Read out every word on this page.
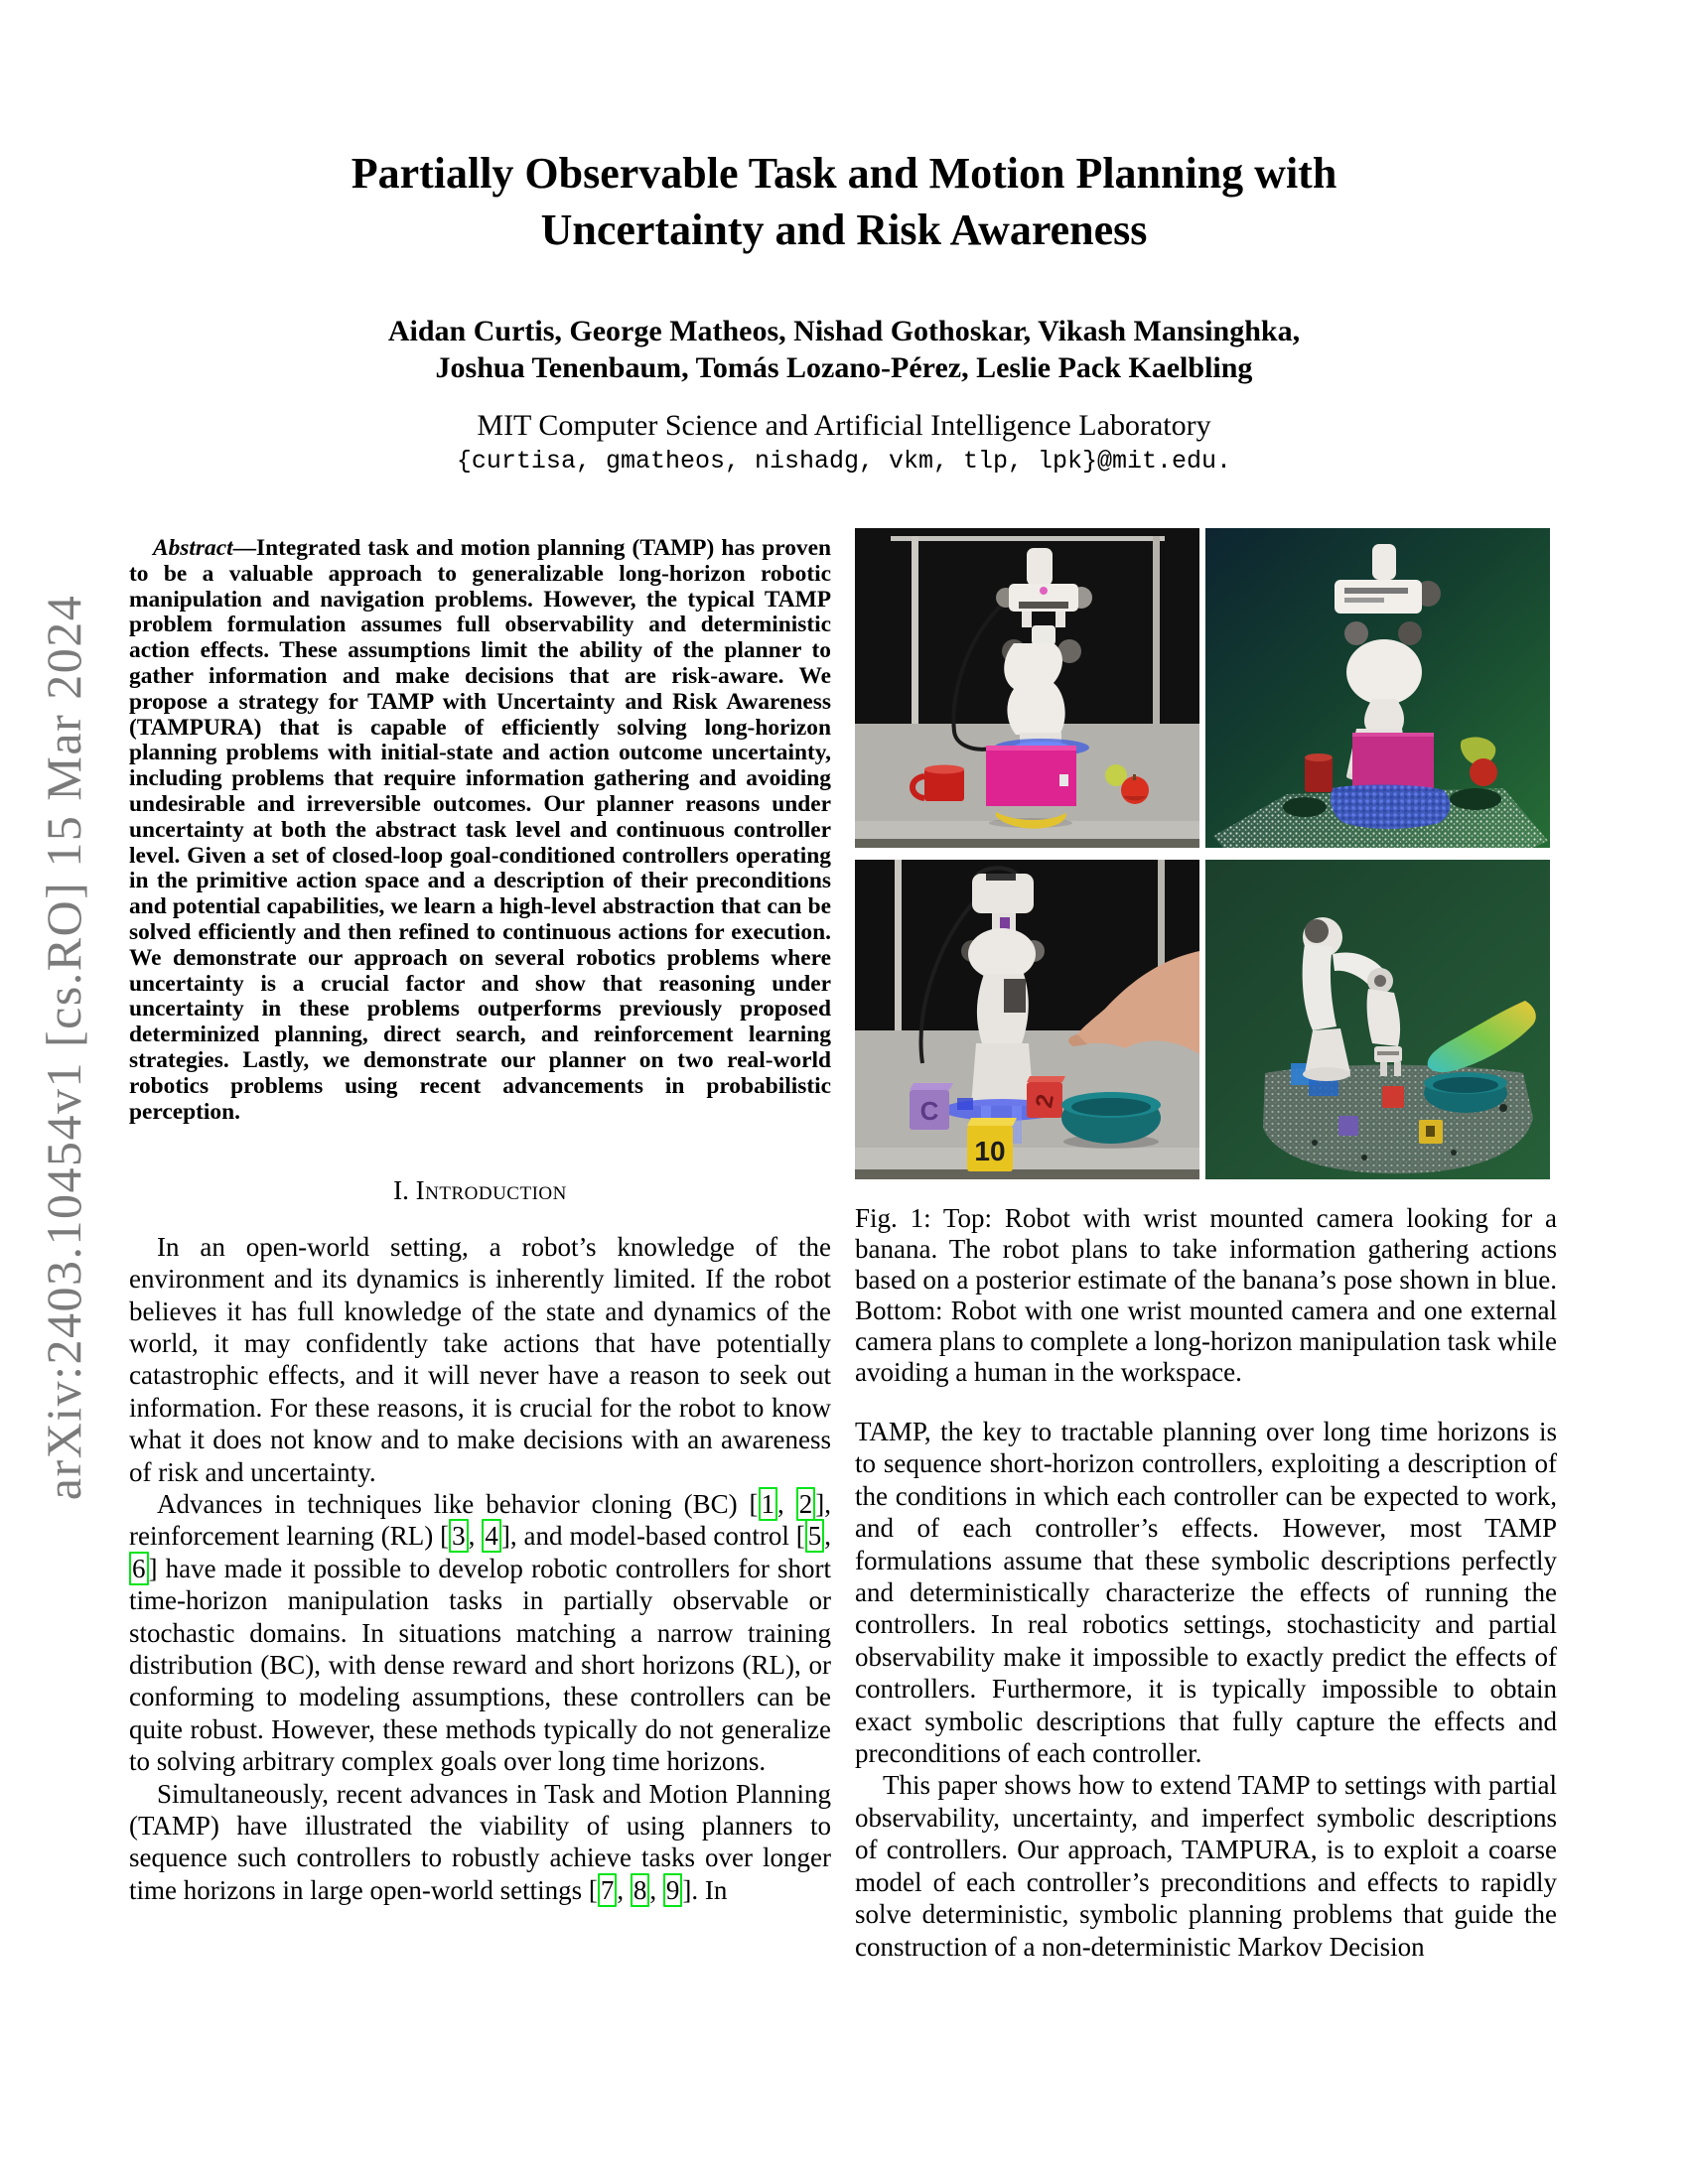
arXiv:2403.10454v1 [cs.RO] 15 Mar 2024
Partially Observable Task and Motion Planning with
Uncertainty and Risk Awareness
Aidan Curtis, George Matheos, Nishad Gothoskar, Vikash Mansinghka,
Joshua Tenenbaum, Tomás Lozano-Pérez, Leslie Pack Kaelbling
MIT Computer Science and Artificial Intelligence Laboratory
{curtisa, gmatheos, nishadg, vkm, tlp, lpk}@mit.edu.

Abstract—Integrated task and motion planning (TAMP) has proven to be a valuable approach to generalizable long-horizon robotic manipulation and navigation problems. However, the typical TAMP problem formulation assumes full observability and deterministic action effects. These assumptions limit the ability of the planner to gather information and make decisions that are risk-aware. We propose a strategy for TAMP with Uncertainty and Risk Awareness (TAMPURA) that is capable of efficiently solving long-horizon planning problems with initial-state and action outcome uncertainty, including problems that require information gathering and avoiding undesirable and irreversible outcomes. Our planner reasons under uncertainty at both the abstract task level and continuous controller level. Given a set of closed-loop goal-conditioned controllers operating in the primitive action space and a description of their preconditions and potential capabilities, we learn a high-level abstraction that can be solved efficiently and then refined to continuous actions for execution. We demonstrate our approach on several robotics problems where uncertainty is a crucial factor and show that reasoning under uncertainty in these problems outperforms previously proposed determinized planning, direct search, and reinforcement learning strategies. Lastly, we demonstrate our planner on two real-world robotics problems using recent advancements in probabilistic perception.

I. Introduction

In an open-world setting, a robot’s knowledge of the environment and its dynamics is inherently limited. If the robot believes it has full knowledge of the state and dynamics of the world, it may confidently take actions that have potentially catastrophic effects, and it will never have a reason to seek out information. For these reasons, it is crucial for the robot to know what it does not know and to make decisions with an awareness of risk and uncertainty.

Advances in techniques like behavior cloning (BC) [ 1 , 2 ], reinforcement learning (RL) [ 3 , 4 ], and model-based control [ 5 , 6 ] have made it possible to develop robotic controllers for short time-horizon manipulation tasks in partially observable or stochastic domains. In situations matching a narrow training distribution (BC), with dense reward and short horizons (RL), or conforming to modeling assumptions, these controllers can be quite robust. However, these methods typically do not generalize to solving arbitrary complex goals over long time horizons.

Simultaneously, recent advances in Task and Motion Planning (TAMP) have illustrated the viability of using planners to sequence such controllers to robustly achieve tasks over longer time horizons in large open-world settings [ 7 , 8 , 9 ]. In

C
10
2
Fig. 1: Top: Robot with wrist mounted camera looking for a banana. The robot plans to take information gathering actions based on a posterior estimate of the banana’s pose shown in blue. Bottom: Robot with one wrist mounted camera and one external camera plans to complete a long-horizon manipulation task while avoiding a human in the workspace.

TAMP, the key to tractable planning over long time horizons is to sequence short-horizon controllers, exploiting a description of the conditions in which each controller can be expected to work, and of each controller’s effects. However, most TAMP formulations assume that these symbolic descriptions perfectly and deterministically characterize the effects of running the controllers. In real robotics settings, stochasticity and partial observability make it impossible to exactly predict the effects of controllers. Furthermore, it is typically impossible to obtain exact symbolic descriptions that fully capture the effects and preconditions of each controller.

This paper shows how to extend TAMP to settings with partial observability, uncertainty, and imperfect symbolic descriptions of controllers. Our approach, TAMPURA, is to exploit a coarse model of each controller’s preconditions and effects to rapidly solve deterministic, symbolic planning problems that guide the construction of a non-deterministic Markov Decision
